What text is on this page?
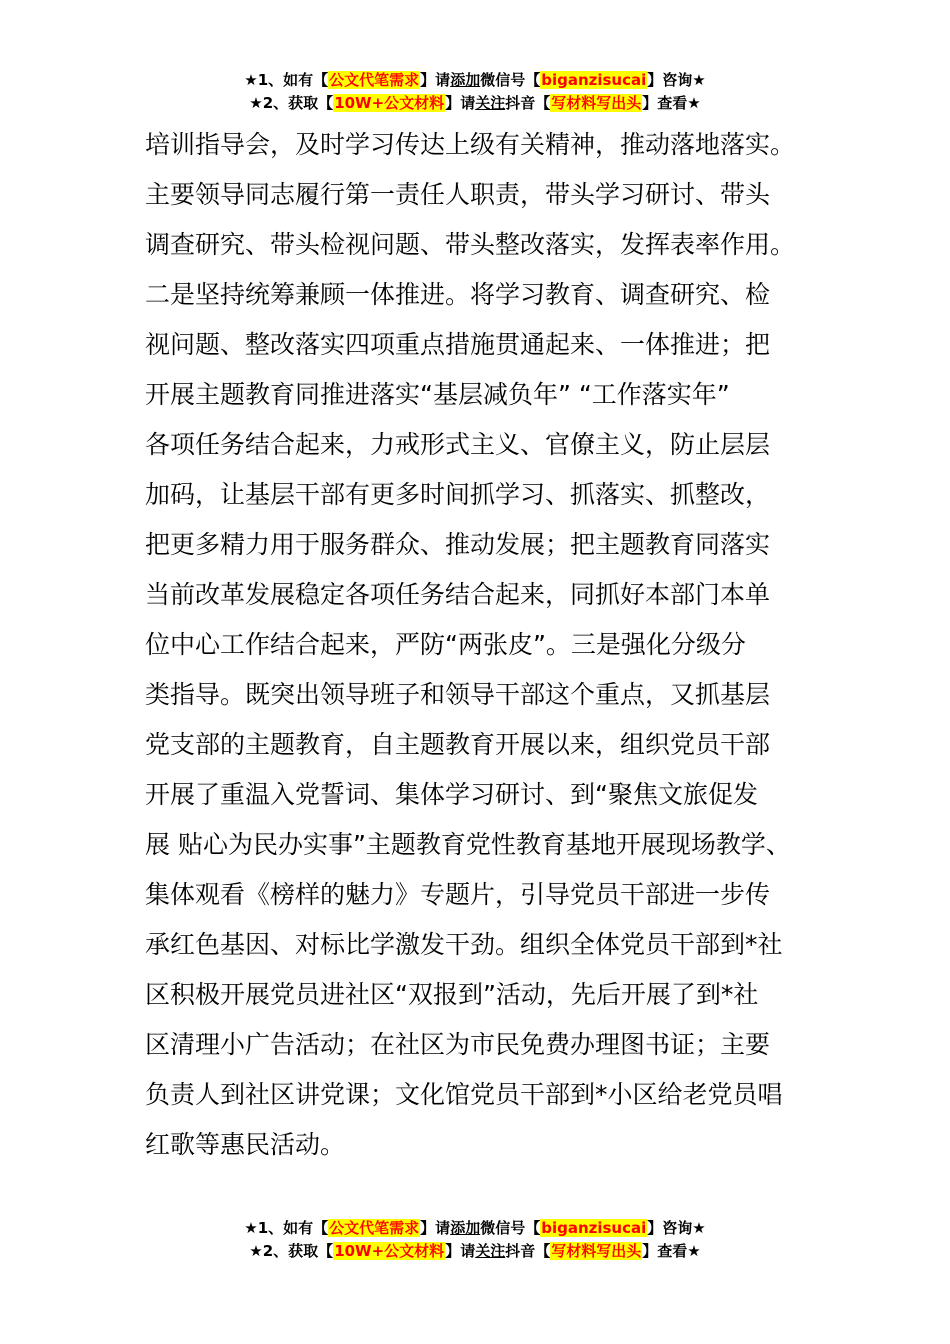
★1、如有【公文代笔需求】请添加微信号【biganzisucai】咨询★
★2、获取【10W+公文材料】请关注抖音【写材料写出头】查看★

培训指导会，及时学习传达上级有关精神，推动落地落实。

主要领导同志履行第一责任人职责，带头学习研讨、带头

调查研究、带头检视问题、带头整改落实，发挥表率作用。

二是坚持统筹兼顾一体推进。将学习教育、调查研究、检

视问题、整改落实四项重点措施贯通起来、一体推进；把

开展主题教育同推进落实“基层减负年” “工作落实年”

各项任务结合起来，力戒形式主义、官僚主义，防止层层

加码，让基层干部有更多时间抓学习、抓落实、抓整改，

把更多精力用于服务群众、推动发展；把主题教育同落实

当前改革发展稳定各项任务结合起来，同抓好本部门本单

位中心工作结合起来，严防“两张皮”。三是强化分级分

类指导。既突出领导班子和领导干部这个重点，又抓基层

党支部的主题教育，自主题教育开展以来，组织党员干部

开展了重温入党誓词、集体学习研讨、到“聚焦文旅促发

展 贴心为民办实事”主题教育党性教育基地开展现场教学、

集体观看《榜样的魅力》专题片，引导党员干部进一步传

承红色基因、对标比学激发干劲。组织全体党员干部到*社

区积极开展党员进社区“双报到”活动，先后开展了到*社

区清理小广告活动；在社区为市民免费办理图书证；主要

负责人到社区讲党课；文化馆党员干部到*小区给老党员唱

红歌等惠民活动。

★1、如有【公文代笔需求】请添加微信号【biganzisucai】咨询★
★2、获取【10W+公文材料】请关注抖音【写材料写出头】查看★
